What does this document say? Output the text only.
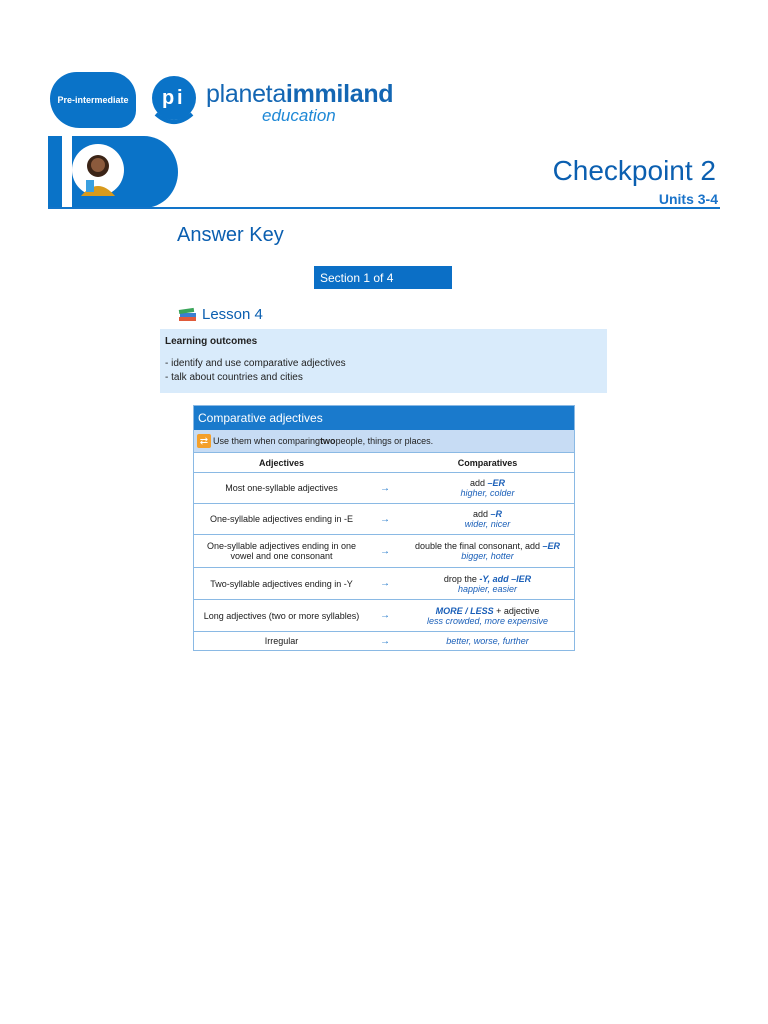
Pre-intermediate	p i planetaimmiland
education
Checkpoint 2
Units 3-4
Answer Key
Section 1 of 4
Lesson 4
Learning outcomes
- identify and use comparative adjectives
- talk about countries and cities
Comparative adjectives
⇄ Use them when comparing two people, things or places.
Adjectives	Comparatives
Most one-syllable adjectives	→	add –ER
higher, colder
One-syllable adjectives ending in -E	→	add –R
wider, nicer
One-syllable adjectives ending in one vowel and one consonant	→	double the final consonant, add –ER
bigger, hotter
Two-syllable adjectives ending in -Y	→	drop the -Y, add –IER
happier, easier
Long adjectives (two or more syllables)	→	MORE / LESS + adjective
less crowded, more expensive
Irregular	→	better, worse, further
